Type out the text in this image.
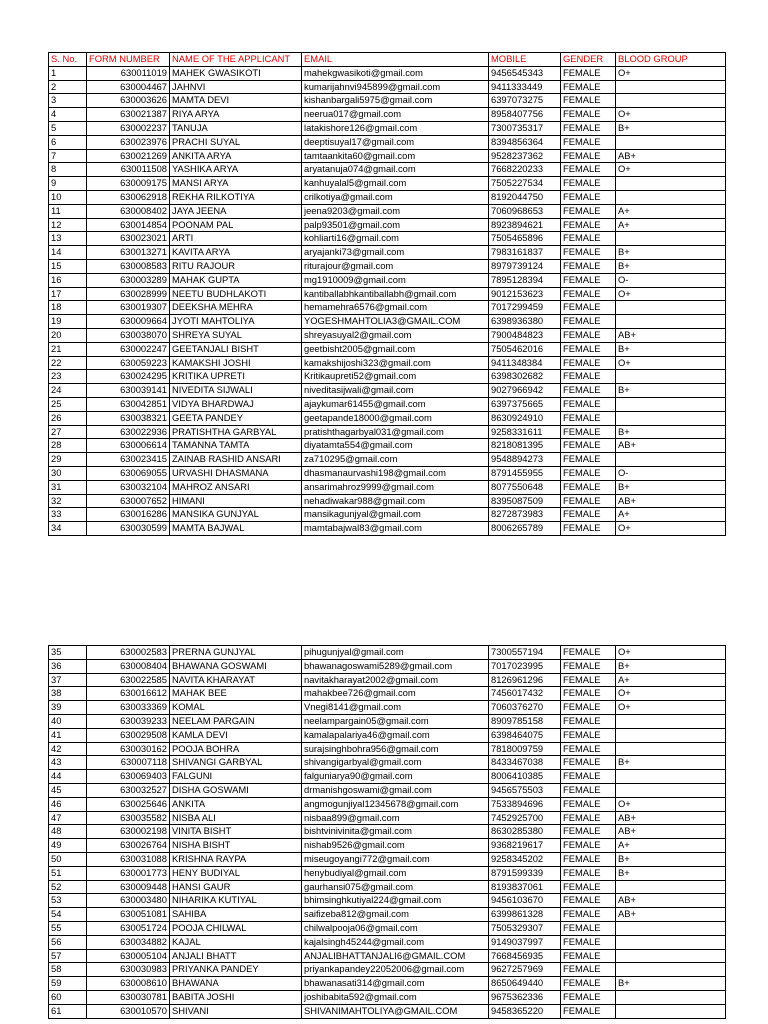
S. No.	FORM NUMBER	NAME OF THE APPLICANT	EMAIL	MOBILE	GENDER	BLOOD GROUP
1	630011019	MAHEK GWASIKOTI	mahekgwasikoti@gmail.com	9456545343	FEMALE	O+
2	630004467	JAHNVI	kumarijahnvi945899@gmail.com	9411333449	FEMALE	
3	630003626	MAMTA DEVI	kishanbargali5975@gmail.com	6397073275	FEMALE	
4	630021387	RIYA ARYA	neerua017@gmail.com	8958407756	FEMALE	O+
5	630002237	TANUJA	latakishore126@gmail.com	7300735317	FEMALE	B+
6	630023976	PRACHI SUYAL	deeptisuyal17@gmail.com	8394856364	FEMALE	
7	630021269	ANKITA ARYA	tamtaankita60@gmail.com	9528237362	FEMALE	AB+
8	630011508	YASHIKA ARYA	aryatanuja074@gmail.com	7668220233	FEMALE	O+
9	630009175	MANSI ARYA	kanhuyalal5@gmail.com	7505227534	FEMALE	
10	630062918	REKHA RILKOTIYA	crilkotiya@gmail.com	8192044750	FEMALE	
11	630008402	JAYA JEENA	jeena9203@gmail.com	7060968653	FEMALE	A+
12	630014854	POONAM PAL	palp93501@gmail.com	8923894621	FEMALE	A+
13	630023021	ARTI	kohliarti16@gmail.com	7505465896	FEMALE	
14	630013271	KAVITA ARYA	aryajanki73@gmail.com	7983161837	FEMALE	B+
15	630008583	RITU RAJOUR	riturajour@gmail.com	8979739124	FEMALE	B+
16	630003289	MAHAK GUPTA	mg1910009@gmail.com	7895128394	FEMALE	O-
17	630028999	NEETU BUDHLAKOTI	kantiballabhkantiballabh@gmail.com	9012153623	FEMALE	O+
18	630019307	DEEKSHA MEHRA	hemamehra6576@gmail.com	7017299459	FEMALE	
19	630009664	JYOTI MAHTOLIYA	YOGESHMAHTOLIA3@GMAIL.COM	6398936380	FEMALE	
20	630038070	SHREYA SUYAL	shreyasuyal2@gmail.com	7900484823	FEMALE	AB+
21	630002247	GEETANJALI BISHT	geetbisht2005@gmail.com	7505462016	FEMALE	B+
22	630059223	KAMAKSHI JOSHI	kamakshijoshi323@gmail.com	9411348384	FEMALE	O+
23	630024295	KRITIKA UPRETI	Kritikaupreti52@gmail.com	6398302682	FEMALE	
24	630039141	NIVEDITA SIJWALI	niveditasijwali@gmail.com	9027966942	FEMALE	B+
25	630042851	VIDYA BHARDWAJ	ajaykumar61455@gmail.com	6397375665	FEMALE	
26	630038321	GEETA PANDEY	geetapande18000@gmail.com	8630924910	FEMALE	
27	630022936	PRATISHTHA GARBYAL	pratishthagarbyal031@gmail.com	9258331611	FEMALE	B+
28	630006614	TAMANNA TAMTA	diyatamta554@gmail.com	8218081395	FEMALE	AB+
29	630023415	ZAINAB RASHID ANSARI	za710295@gmail.com	9548894273	FEMALE	
30	630069055	URVASHI DHASMANA	dhasmanaurvashi198@gmail.com	8791455955	FEMALE	O-
31	630032104	MAHROZ ANSARI	ansarimahroz9999@gmail.com	8077550648	FEMALE	B+
32	630007652	HIMANI	nehadiwakar988@gmail.com	8395087509	FEMALE	AB+
33	630016286	MANSIKA GUNJYAL	mansikagunjyal@gmail.com	8272873983	FEMALE	A+
34	630030599	MAMTA BAJWAL	mamtabajwal83@gmail.com	8006265789	FEMALE	O+
35	630002583	PRERNA GUNJYAL	pihugunjyal@gmail.com	7300557194	FEMALE	O+
36	630008404	BHAWANA GOSWAMI	bhawanagoswami5289@gmail.com	7017023995	FEMALE	B+
37	630022585	NAVITA KHARAYAT	navitakharayat2002@gmail.com	8126961296	FEMALE	A+
38	630016612	MAHAK BEE	mahakbee726@gmail.com	7456017432	FEMALE	O+
39	630033369	KOMAL	Vnegi8141@gmail.com	7060376270	FEMALE	O+
40	630039233	NEELAM PARGAIN	neelampargain05@gmail.com	8909785158	FEMALE	
41	630029508	KAMLA DEVI	kamalapalariya46@gmail.com	6398464075	FEMALE	
42	630030162	POOJA BOHRA	surajsinghbohra956@gmail.com	7818009759	FEMALE	
43	630007118	SHIVANGI GARBYAL	shivangigarbyal@gmail.com	8433467038	FEMALE	B+
44	630069403	FALGUNI	falguniarya90@gmail.com	8006410385	FEMALE	
45	630032527	DISHA GOSWAMI	drmanishgoswami@gmail.com	9456575503	FEMALE	
46	630025646	ANKITA	angmogunjiyal12345678@gmail.com	7533894696	FEMALE	O+
47	630035582	NISBA ALI	nisbaa899@gmail.com	7452925700	FEMALE	AB+
48	630002198	VINITA BISHT	bishtvinivinita@gmail.com	8630285380	FEMALE	AB+
49	630026764	NISHA BISHT	nishab9526@gmail.com	9368219617	FEMALE	A+
50	630031088	KRISHNA RAYPA	miseugoyangi772@gmail.com	9258345202	FEMALE	B+
51	630001773	HENY BUDIYAL	henybudiyal@gmail.com	8791599339	FEMALE	B+
52	630009448	HANSI GAUR	gaurhansi075@gmail.com	8193837061	FEMALE	
53	630003480	NIHARIKA KUTIYAL	bhimsinghkutiyal224@gmail.com	9456103670	FEMALE	AB+
54	630051081	SAHIBA	saifizeba812@gmail.com	6399861328	FEMALE	AB+
55	630051724	POOJA CHILWAL	chilwalpooja06@gmail.com	7505329307	FEMALE	
56	630034882	KAJAL	kajalsingh45244@gmail.com	9149037997	FEMALE	
57	630005104	ANJALI BHATT	ANJALIBHATTANJALI6@GMAIL.COM	7668456935	FEMALE	
58	630030983	PRIYANKA PANDEY	priyankapandey22052006@gmail.com	9627257969	FEMALE	
59	630008610	BHAWANA	bhawanasati314@gmail.com	8650649440	FEMALE	B+
60	630030781	BABITA JOSHI	joshibabita592@gmail.com	9675362336	FEMALE	
61	630010570	SHIVANI	SHIVANIMAHTOLIYA@GMAIL.COM	9458365220	FEMALE	
